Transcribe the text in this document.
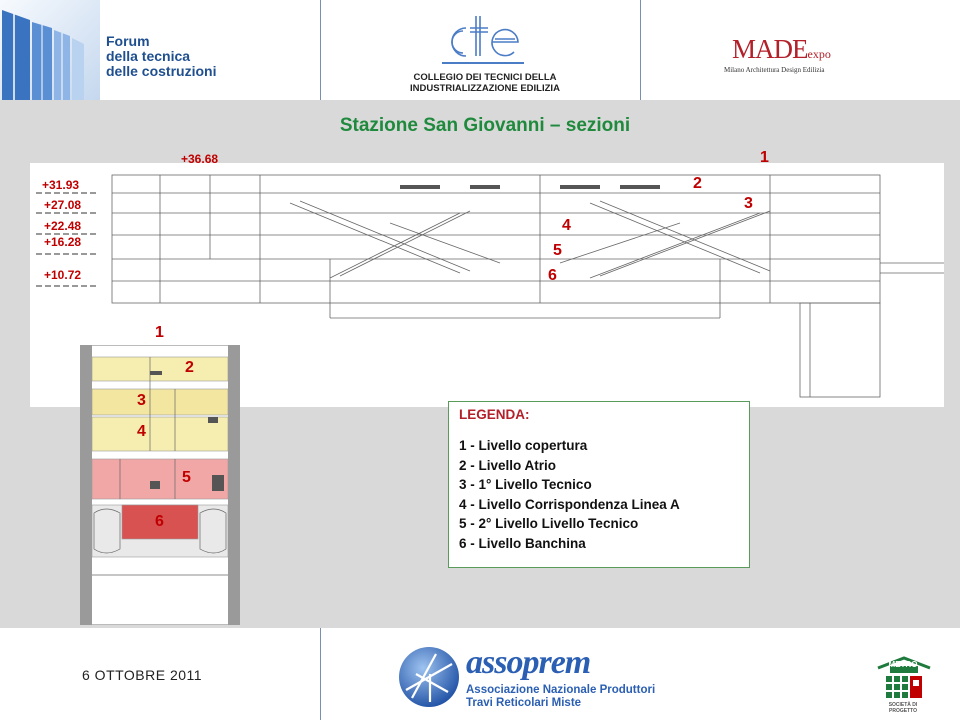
Forum
della tecnica
delle costruzioni	COLLEGIO DEI TECNICI DELLA
INDUSTRIALIZZAZIONE EDILIZIA
MADEexpo
Milano Architettura Design Edilizia
Stazione San Giovanni – sezioni
+36.68
+31.93
+27.08
+22.48
+16.28
+10.72
1
2
3
4
5
6
1
2
3
4
5
6
LEGENDA:
1 - Livello copertura
2 - Livello Atrio
3 - 1° Livello Tecnico
4 - Livello Corrispondenza Linea A
5 - 2° Livello Livello Tecnico
6 - Livello Banchina
6 OTTOBRE 2011	assoprem
Associazione Nazionale Produttori
Travi Reticolari Miste
METRO
SOCIETÀ DI PROGETTO
